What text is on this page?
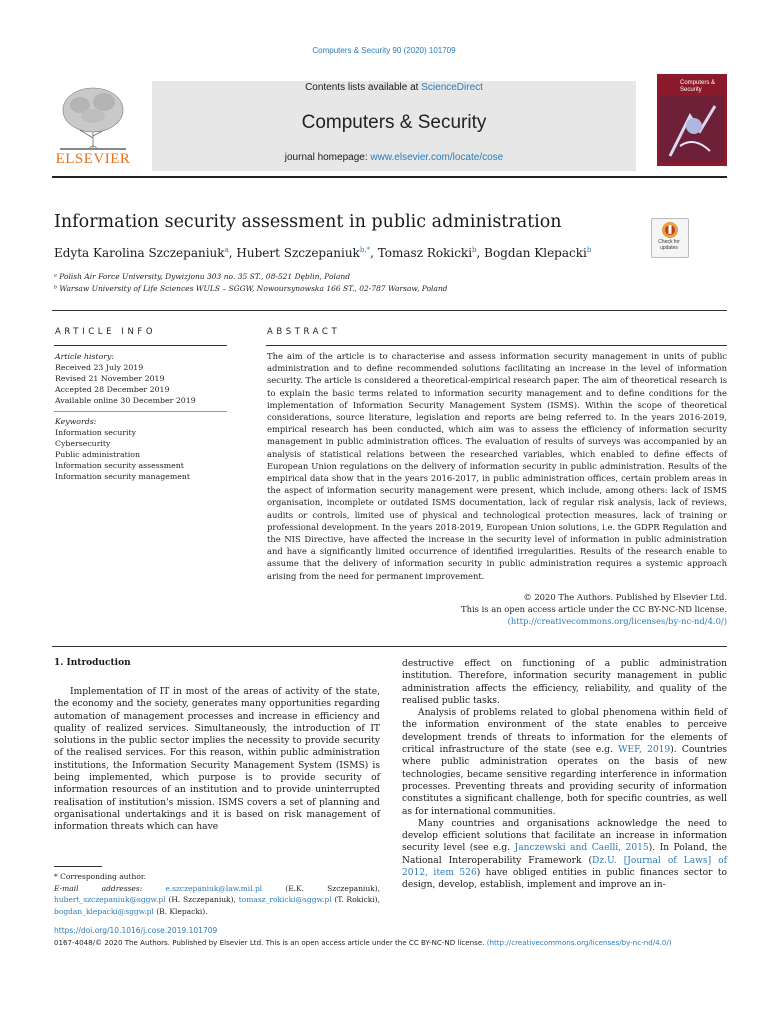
Computers & Security 90 (2020) 101709
ELSEVIER
Contents lists available at ScienceDirect
Computers & Security
journal homepage: www.elsevier.com/locate/cose
Computers & Security
Information security assessment in public administration
Edyta Karolina Szczepaniuk$^a$, Hubert Szczepaniuk$^{b,*}$, Tomasz Rokicki$^b$, Bogdan Klepacki$^b$
Check for updates
ᵃ Polish Air Force University, Dywizjonu 303 no. 35 ST., 08-521 Dęblin, Poland
ᵇ Warsaw University of Life Sciences WULS – SGGW, Nowoursynowska 166 ST., 02-787 Warsaw, Poland
ARTICLE INFO
Article history:
Received 23 July 2019
Revised 21 November 2019
Accepted 28 December 2019
Available online 30 December 2019
Keywords:
Information security
Cybersecurity
Public administration
Information security assessment
Information security management
ABSTRACT
The aim of the article is to characterise and assess information security management in units of public administration and to define recommended solutions facilitating an increase in the level of information security. The article is considered a theoretical-empirical research paper. The aim of theoretical research is to explain the basic terms related to information security management and to define conditions for the implementation of Information Security Management System (ISMS). Within the scope of theoretical considerations, source literature, legislation and reports are being referred to. In the years 2016-2019, empirical research has been conducted, which aim was to assess the efficiency of information security management in public administration offices. The evaluation of results of surveys was accompanied by an analysis of statistical relations between the researched variables, which enabled to define effects of European Union regulations on the delivery of information security in public administration. Results of the empirical data show that in the years 2016-2017, in public administration offices, certain problem areas in the aspect of information security management were present, which include, among others: lack of ISMS organisation, incomplete or outdated ISMS documentation, lack of regular risk analysis, lack of reviews, audits or controls, limited use of physical and technological protection measures, lack of training or professional development. In the years 2018-2019, European Union solutions, i.e. the GDPR Regulation and the NIS Directive, have affected the increase in the security level of information in public administration and have a significantly limited occurrence of identified irregularities. Results of the research enable to assume that the delivery of information security in public administration requires a systemic approach arising from the need for permanent improvement.
© 2020 The Authors. Published by Elsevier Ltd.
This is an open access article under the CC BY-NC-ND license.
(http://creativecommons.org/licenses/by-nc-nd/4.0/)
1. Introduction

Implementation of IT in most of the areas of activity of the state, the economy and the society, generates many opportunities regarding automation of management processes and increase in efficiency and quality of realized services. Simultaneously, the introduction of IT solutions in the public sector implies the necessity to provide security of the realised services. For this reason, within public administration institutions, the Information Security Management System (ISMS) is being implemented, which purpose is to provide security of information resources of an institution and to provide uninterrupted realisation of institution's mission. ISMS covers a set of planning and organisational undertakings and it is based on risk management of information threats which can have

destructive effect on functioning of a public administration institution. Therefore, information security management in public administration affects the efficiency, reliability, and quality of the realised public tasks.

Analysis of problems related to global phenomena within field of the information environment of the state enables to perceive development trends of threats to information for the elements of critical infrastructure of the state (see e.g. WEF, 2019). Countries where public administration operates on the basis of new technologies, became sensitive regarding interference in information processes. Preventing threats and providing security of information constitutes a significant challenge, both for specific countries, as well as for international communities.

Many countries and organisations acknowledge the need to develop efficient solutions that facilitate an increase in information security level (see e.g. Janczewski and Caelli, 2015). In Poland, the National Interoperability Framework (Dz.U. [Journal of Laws] of 2012, item 526) have obliged entities in public finances sector to design, develop, establish, implement and improve an in-

* Corresponding author.
E-mail addresses: e.szczepaniuk@law.mil.pl (E.K. Szczepaniuk), hubert_szczepaniuk@sggw.pl (H. Szczepaniuk), tomasz_rokicki@sggw.pl (T. Rokicki), bogdan_klepacki@sggw.pl (B. Klepacki).
https://doi.org/10.1016/j.cose.2019.101709
0167-4048/© 2020 The Authors. Published by Elsevier Ltd. This is an open access article under the CC BY-NC-ND license. (http://creativecommons.org/licenses/by-nc-nd/4.0/)
